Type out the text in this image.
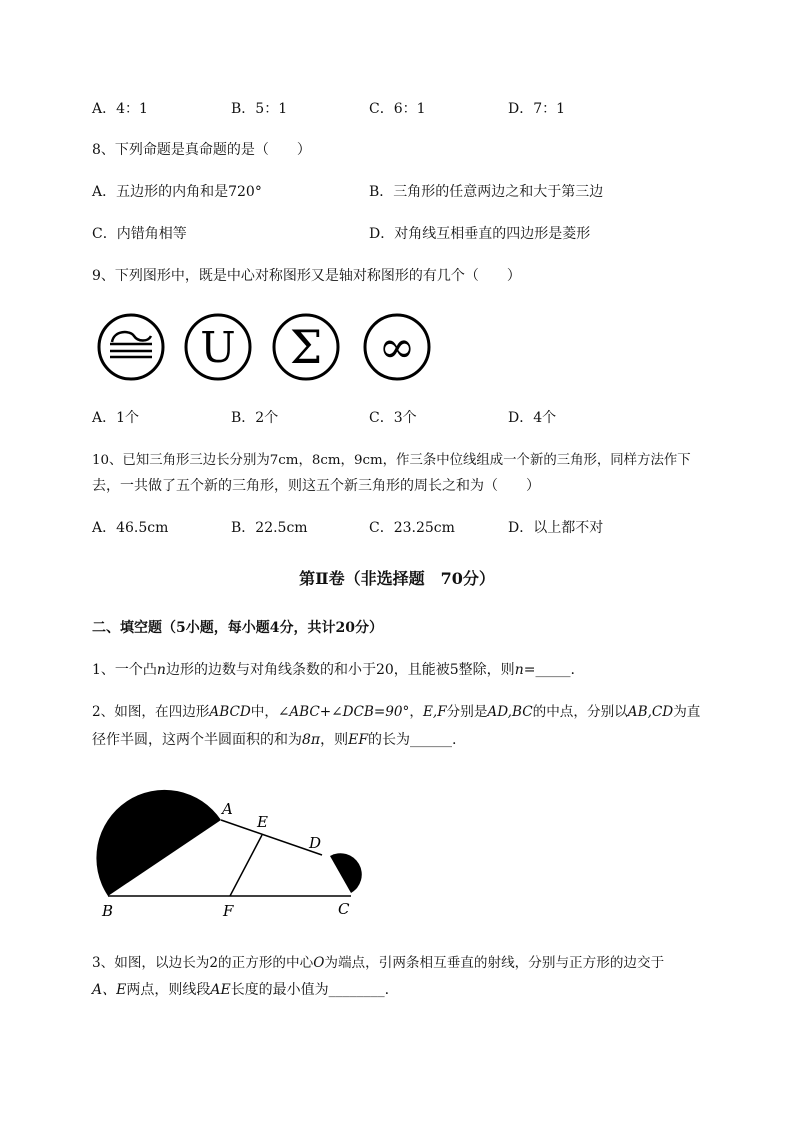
A．4：1	B．5：1	C．6：1	D．7：1
8、下列命题是真命题的是（　　）
A．五边形的内角和是720°	B．三角形的任意两边之和大于第三边
C．内错角相等	D．对角线互相垂直的四边形是菱形
9、下列图形中，既是中心对称图形又是轴对称图形的有几个（　　）
U Σ ∞
A．1个	B．2个	C．3个	D．4个
10、已知三角形三边长分别为7cm，8cm，9cm，作三条中位线组成一个新的三角形，同样方法作下
去，一共做了五个新的三角形，则这五个新三角形的周长之和为（　　）
A．46.5cm	B．22.5cm	C．23.25cm	D．以上都不对
第Ⅱ卷（非选择题　70分）
二、填空题（5小题，每小题4分，共计20分）
1、一个凸n边形的边数与对角线条数的和小于20，且能被5整除，则n=_____.
2、如图，在四边形ABCD中，∠ABC+∠DCB=90°，E,F分别是AD,BC的中点，分别以AB,CD为直
径作半圆，这两个半圆面积的和为8π，则EF的长为______.
A
E
D
B	F	C
3、如图，以边长为2的正方形的中心O为端点，引两条相互垂直的射线，分别与正方形的边交于
A、E两点，则线段AE长度的最小值为________.
